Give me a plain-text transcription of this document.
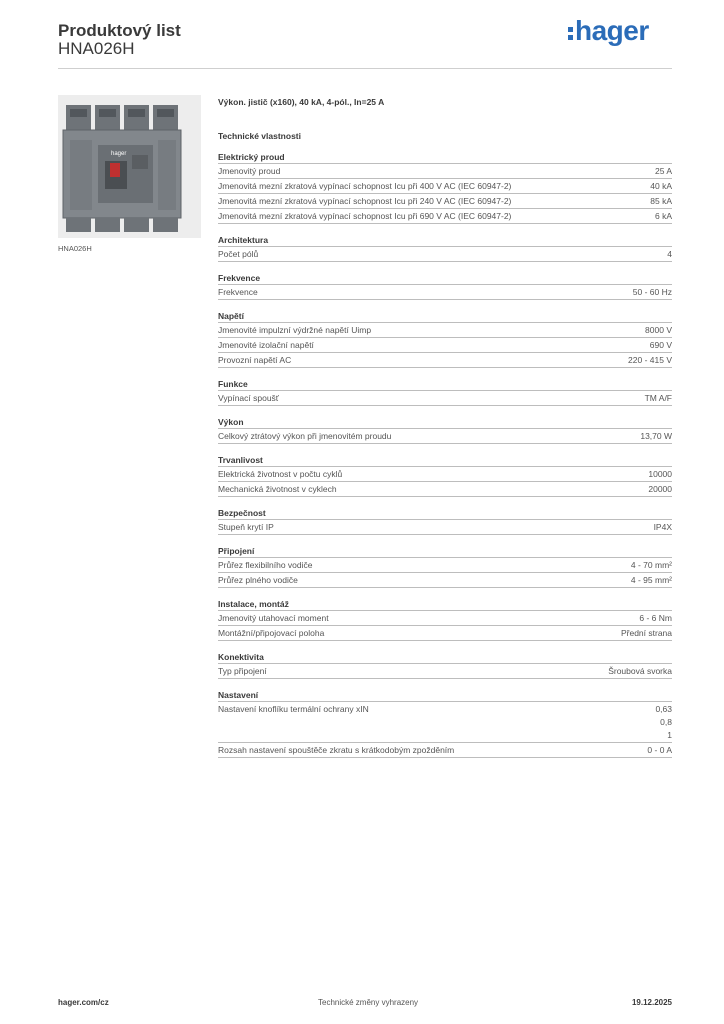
Produktový list
HNA026H
hager
hager
HNA026H
Výkon. jistič (x160), 40 kA, 4-pól., In=25 A
Technické vlastnosti
Elektrický proud
Jmenovitý proud	25 A
Jmenovitá mezní zkratová vypínací schopnost Icu při 400 V AC (IEC 60947-2)	40 kA
Jmenovitá mezní zkratová vypínací schopnost Icu při 240 V AC (IEC 60947-2)	85 kA
Jmenovitá mezní zkratová vypínací schopnost Icu při 690 V AC (IEC 60947-2)	6 kA
Architektura
Počet pólů	4
Frekvence
Frekvence	50 - 60 Hz
Napětí
Jmenovité impulzní výdržné napětí Uimp	8000 V
Jmenovité izolační napětí	690 V
Provozní napětí AC	220 - 415 V
Funkce
Vypínací spoušť	TM A/F
Výkon
Celkový ztrátový výkon při jmenovitém proudu	13,70 W
Trvanlivost
Elektrická životnost v počtu cyklů	10000
Mechanická životnost v cyklech	20000
Bezpečnost
Stupeň krytí IP	IP4X
Připojení
Průřez flexibilního vodiče	4 - 70 mm²
Průřez plného vodiče	4 - 95 mm²
Instalace, montáž
Jmenovitý utahovací moment	6 - 6 Nm
Montážní/připojovací poloha	Přední strana
Konektivita
Typ připojení	Šroubová svorka
Nastavení
Nastavení knoflíku termální ochrany xIN	0,63
0,8
1
Rozsah nastavení spouštěče zkratu s krátkodobým zpožděním	0 - 0 A
hager.com/cz	Technické změny vyhrazeny	19.12.2025
